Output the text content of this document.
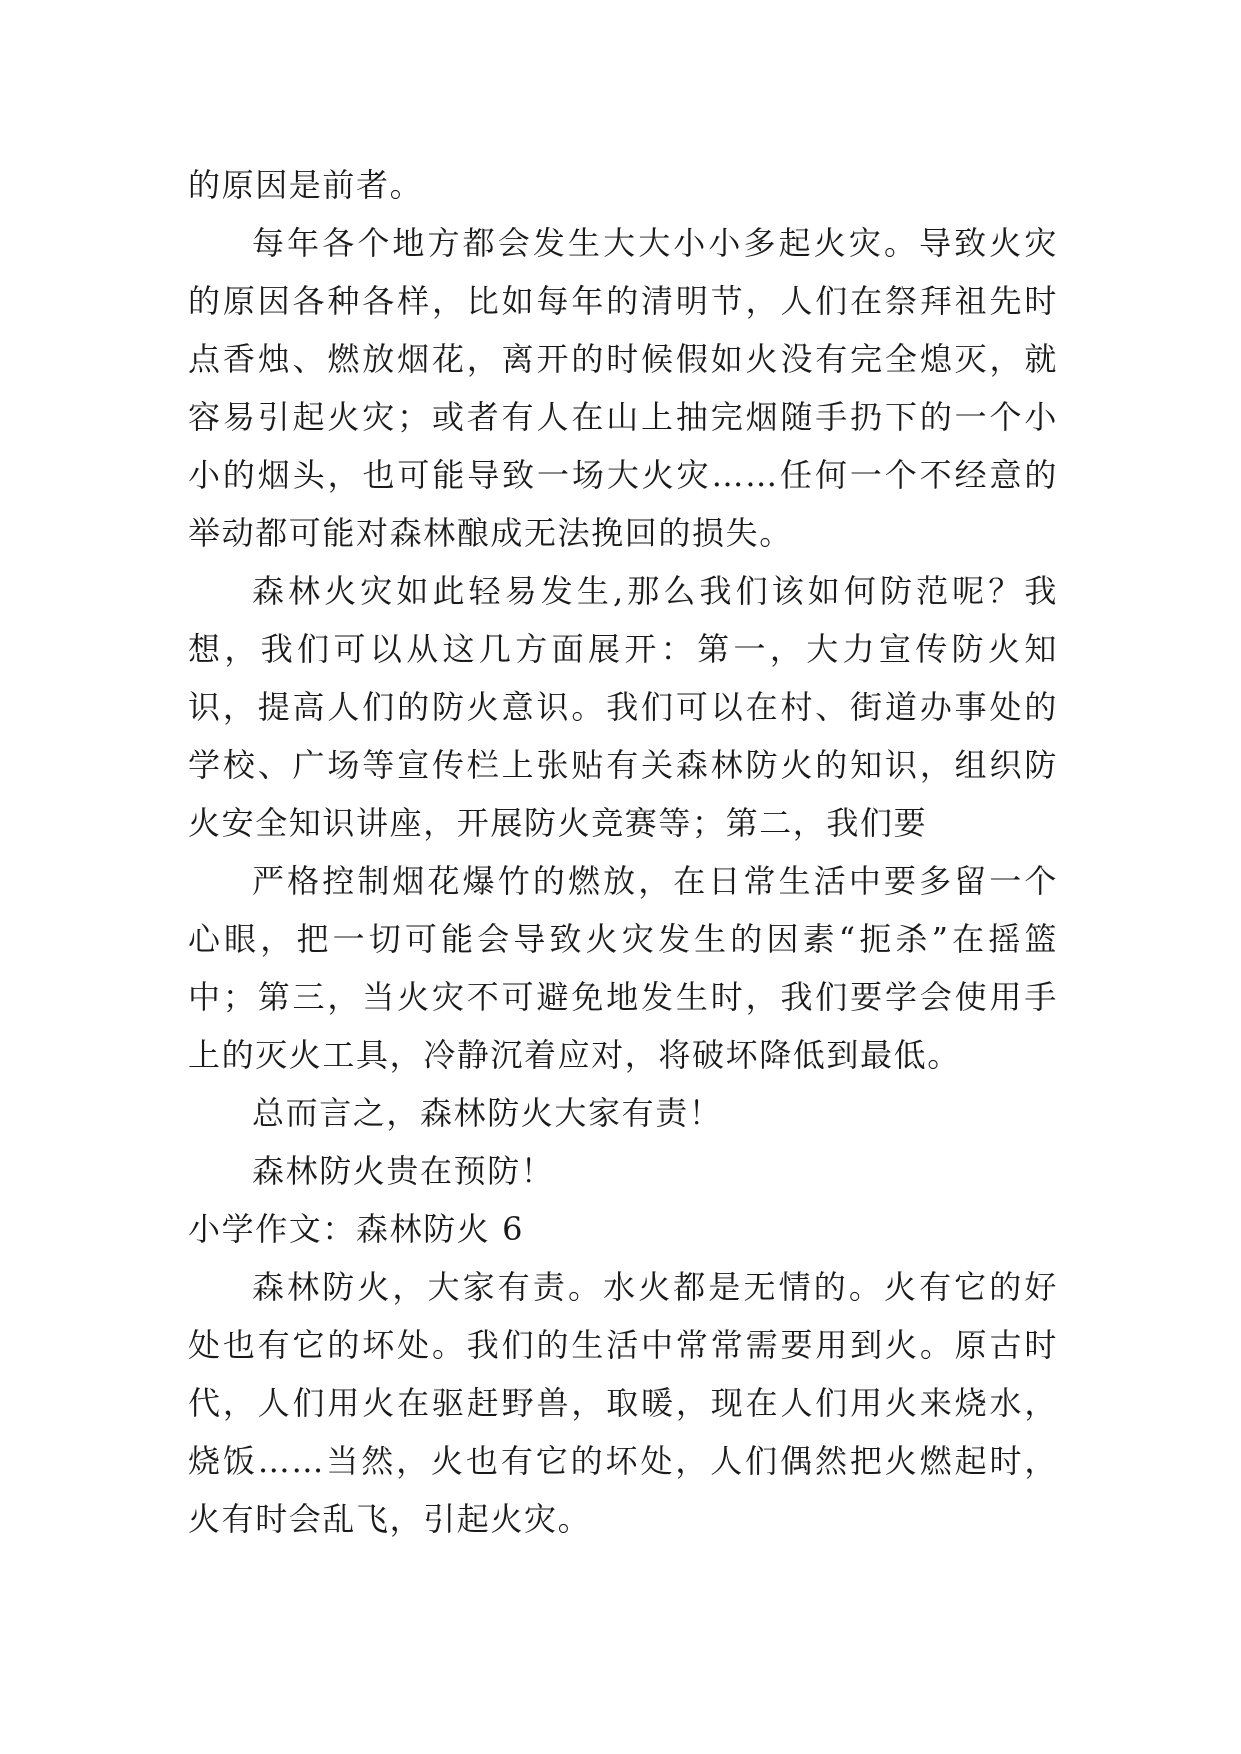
的原因是前者。

每年各个地方都会发生大大小小多起火灾。导致火灾的原因各种各样，比如每年的清明节，人们在祭拜祖先时点香烛、燃放烟花，离开的时候假如火没有完全熄灭，就容易引起火灾；或者有人在山上抽完烟随手扔下的一个小小的烟头，也可能导致一场大火灾……任何一个不经意的举动都可能对森林酿成无法挽回的损失。

森林火灾如此轻易发生,那么我们该如何防范呢？我想，我们可以从这几方面展开：第一，大力宣传防火知识，提高人们的防火意识。我们可以在村、街道办事处的学校、广场等宣传栏上张贴有关森林防火的知识，组织防火安全知识讲座，开展防火竞赛等；第二，我们要

严格控制烟花爆竹的燃放，在日常生活中要多留一个心眼，把一切可能会导致火灾发生的因素“扼杀”在摇篮中；第三，当火灾不可避免地发生时，我们要学会使用手上的灭火工具，冷静沉着应对，将破坏降低到最低。

总而言之，森林防火大家有责！

森林防火贵在预防！

小学作文：森林防火 6

森林防火，大家有责。水火都是无情的。火有它的好处也有它的坏处。我们的生活中常常需要用到火。原古时代，人们用火在驱赶野兽，取暖，现在人们用火来烧水，烧饭……当然，火也有它的坏处，人们偶然把火燃起时，火有时会乱飞，引起火灾。
